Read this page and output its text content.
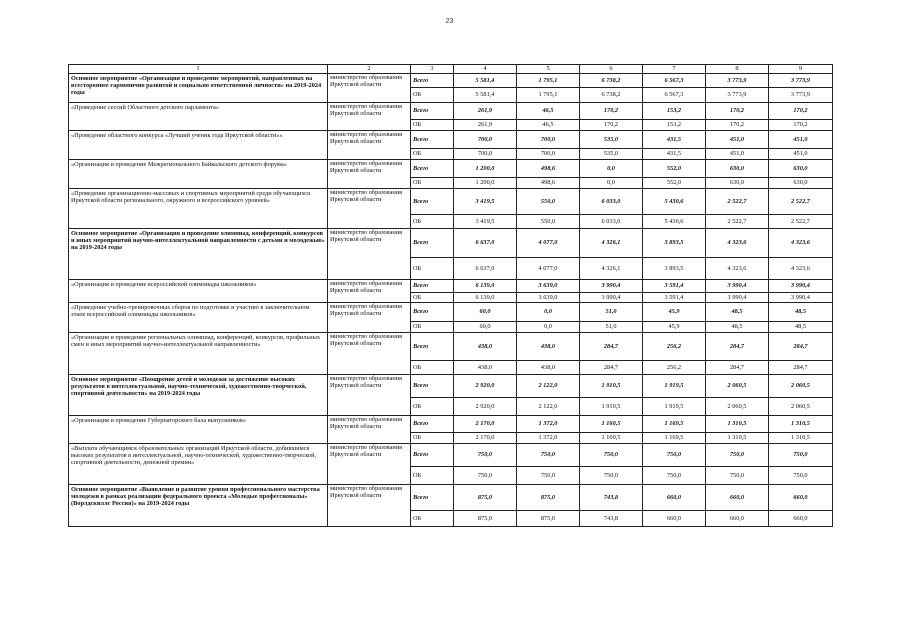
23
1	2	3	4	5	6	7	8	9
Основное мероприятие «Организация и проведение мероприятий, направленных на всестороннее гармонично развитой и социально ответственной личности» на 2019-2024 годы	министерство образования Иркутской области	Всего	5 581,4	1 795,1	6 738,2	6 567,3	3 773,9	3 773,9
		ОБ	5 581,4	1 795,1	6 738,2	6 567,3	3 773,9	3 773,9
«Проведение сессий Областного детского парламента»	министерство образования Иркутской области	Всего	261,9	46,5	170,2	153,2	170,2	170,2
		ОБ	261,9	46,5	170,2	153,2	170,2	170,2
«Проведение областного конкурса «Лучший ученик года Иркутской области»»	министерство образования Иркутской области	Всего	700,0	700,0	535,0	431,5	451,0	451,0
		ОБ	700,0	700,0	535,0	431,5	451,0	451,0
«Организация и проведение Межрегионального Байкальского детского форума»	министерство образования Иркутской области	Всего	1 200,0	498,6	0,0	552,0	630,0	630,0
		ОБ	1 200,0	498,6	0,0	552,0	630,0	630,0
«Проведение организационно-массовых и спортивных мероприятий среди обучающихся Иркутской области регионального, окружного и всероссийского уровней»	министерство образования Иркутской области	Всего	3 419,5	550,0	6 033,0	5 430,6	2 522,7	2 522,7
		ОБ	3 419,5	550,0	6 033,0	5 430,6	2 522,7	2 522,7
Основное мероприятие «Организация и проведение олимпиад, конференций, конкурсов и иных мероприятий научно-интеллектуальной направленности с детьми и молодежью» на 2019-2024 годы	министерство образования Иркутской области	Всего	6 637,0	4 077,0	4 326,1	3 893,5	4 323,6	4 323,6
		ОБ	6 637,0	4 077,0	4 326,1	3 893,5	4 323,6	4 323,6
«Организация и проведение всероссийской олимпиады школьников»	министерство образования Иркутской области	Всего	6 139,0	3 639,0	3 990,4	3 591,4	3 990,4	3 990,4
		ОБ	6 139,0	3 639,0	3 990,4	3 591,4	3 990,4	3 990,4
«Проведение учебно-тренировочных сборов по подготовке и участию в заключительном этапе всероссийской олимпиады школьников»	министерство образования Иркутской области	Всего	60,0	0,0	51,0	45,9	48,5	48,5
		ОБ	60,0	0,0	51,0	45,9	48,5	48,5
«Организация и проведение региональных олимпиад, конференций, конкурсов, профильных смен и иных мероприятий научно-интеллектуальной направленности»	министерство образования Иркутской области	Всего	438,0	438,0	284,7	256,2	284,7	284,7
		ОБ	438,0	438,0	284,7	256,2	284,7	284,7
Основное мероприятие «Поощрение детей и молодежи за достижение высоких результатов в интеллектуальной, научно-технической, художественно-творческой, спортивной деятельности» на 2019-2024 годы	министерство образования Иркутской области	Всего	2 920,0	2 122,0	1 910,5	1 919,5	2 060,5	2 060,5
		ОБ	2 920,0	2 122,0	1 910,5	1 919,5	2 060,5	2 060,5
«Организация и проведение Губернаторского бала выпускников»	министерство образования Иркутской области	Всего	2 170,0	1 372,0	1 160,5	1 169,5	1 310,5	1 310,5
		ОБ	2 170,0	1 372,0	1 160,5	1 169,5	1 310,5	1 310,5
«Выплата обучающимся образовательных организаций Иркутской области, добившимся высоких результатов в интеллектуальной, научно-технической, художественно-творческой, спортивной деятельности, денежной премии»	министерство образования Иркутской области	Всего	750,0	750,0	750,0	750,0	750,0	750,0
		ОБ	750,0	750,0	750,0	750,0	750,0	750,0
Основное мероприятие «Выявление и развитие уровня профессионального мастерства молодежи в рамках реализации федерального проекта «Молодые профессионалы» (Ворлдскиллс Россия)» на 2019-2024 годы	министерство образования Иркутской области	Всего	875,0	875,0	743,8	660,0	660,0	660,0
		ОБ	875,0	875,0	743,8	660,0	660,0	660,0
